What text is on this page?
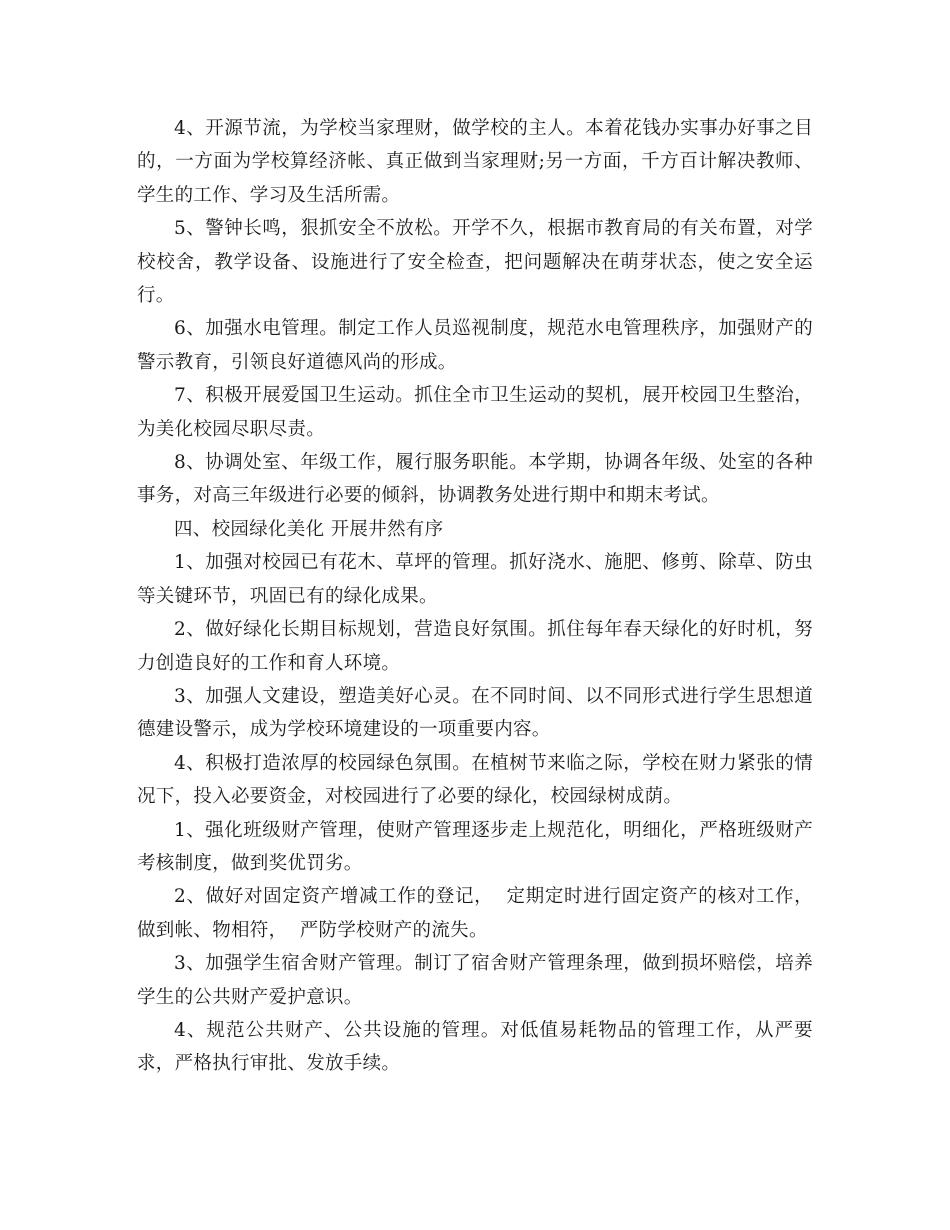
4、开源节流，为学校当家理财，做学校的主人。本着花钱办实事办好事之目的，一方面为学校算经济帐、真正做到当家理财;另一方面，千方百计解决教师、学生的工作、学习及生活所需。

5、警钟长鸣，狠抓安全不放松。开学不久，根据市教育局的有关布置，对学校校舍，教学设备、设施进行了安全检查，把问题解决在萌芽状态，使之安全运行。

6、加强水电管理。制定工作人员巡视制度，规范水电管理秩序，加强财产的警示教育，引领良好道德风尚的形成。

7、积极开展爱国卫生运动。抓住全市卫生运动的契机，展开校园卫生整治，为美化校园尽职尽责。

8、协调处室、年级工作，履行服务职能。本学期，协调各年级、处室的各种事务，对高三年级进行必要的倾斜，协调教务处进行期中和期末考试。

四、校园绿化美化 开展井然有序

1、加强对校园已有花木、草坪的管理。抓好浇水、施肥、修剪、除草、防虫等关键环节，巩固已有的绿化成果。

2、做好绿化长期目标规划，营造良好氛围。抓住每年春天绿化的好时机，努力创造良好的工作和育人环境。

3、加强人文建设，塑造美好心灵。在不同时间、以不同形式进行学生思想道德建设警示，成为学校环境建设的一项重要内容。

4、积极打造浓厚的校园绿色氛围。在植树节来临之际，学校在财力紧张的情况下，投入必要资金，对校园进行了必要的绿化，校园绿树成荫。

1、强化班级财产管理，使财产管理逐步走上规范化，明细化，严格班级财产考核制度，做到奖优罚劣。

2、做好对固定资产增减工作的登记，  定期定时进行固定资产的核对工作，做到帐、物相符，  严防学校财产的流失。

3、加强学生宿舍财产管理。制订了宿舍财产管理条理，做到损坏赔偿，培养学生的公共财产爱护意识。

4、规范公共财产、公共设施的管理。对低值易耗物品的管理工作，从严要求，严格执行审批、发放手续。
